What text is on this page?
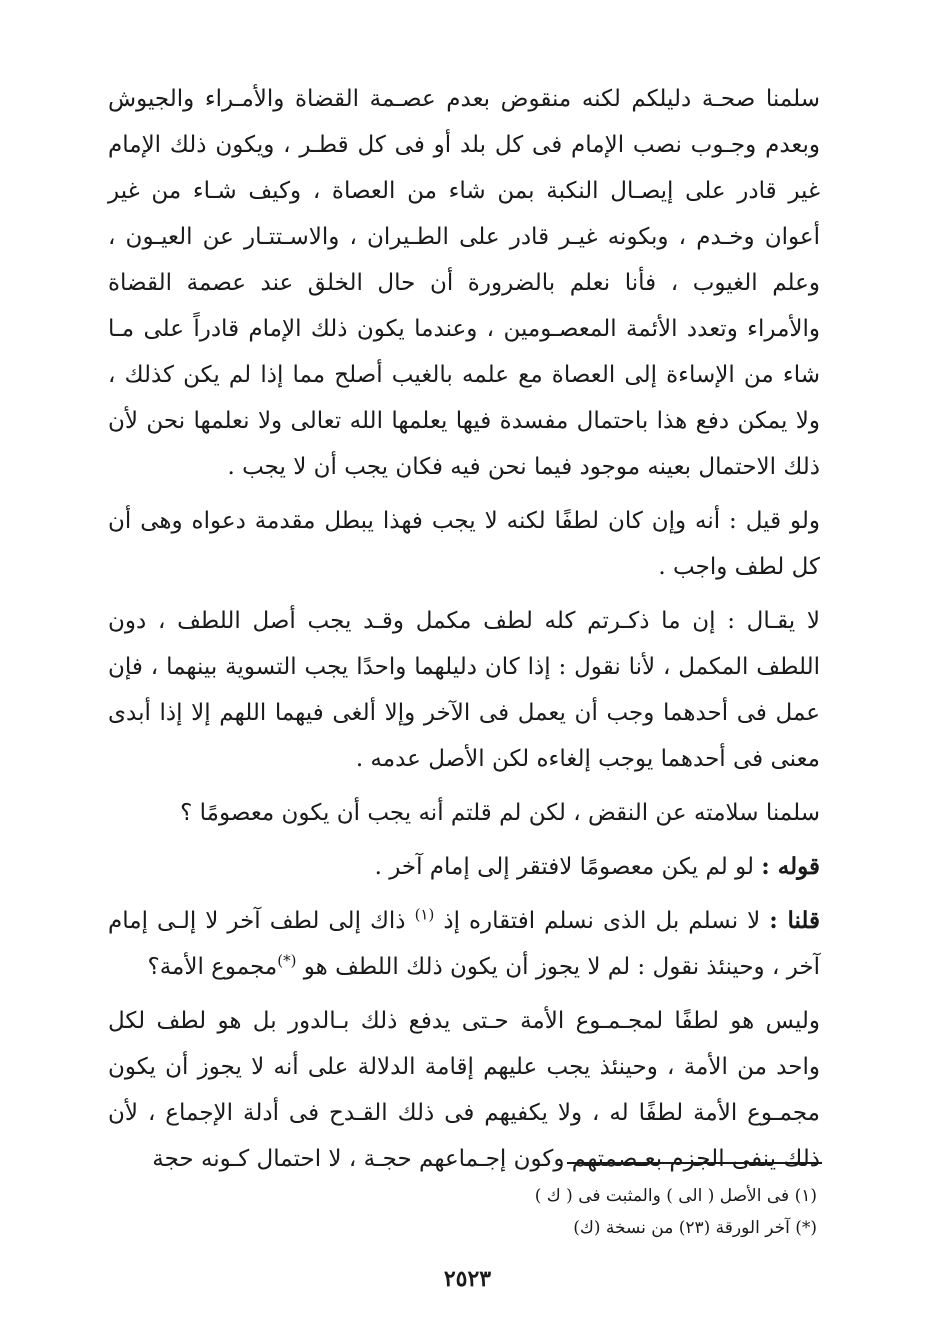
سلمنا صحـة دليلكم لكنه منقوض بعدم عصـمة القضاة والأمـراء والجيوش وبعدم وجـوب نصب الإمام فى كل بلد أو فى كل قطـر ، ويكون ذلك الإمام غير قادر على إيصـال النكبة بمن شاء من العصاة ، وكيف شـاء من غير أعوان وخـدم ، وبكونه غيـر قادر على الطـيران ، والاسـتتـار عن العيـون ، وعلم الغيوب ، فأنا نعلم بالضرورة أن حال الخلق عند عصمة القضاة والأمراء وتعدد الأئمة المعصـومين ، وعندما يكون ذلك الإمام قادراً على مـا شاء من الإساءة إلى العصاة مع علمه بالغيب أصلح مما إذا لم يكن كذلك ، ولا يمكن دفع هذا باحتمال مفسدة فيها يعلمها الله تعالى ولا نعلمها نحن لأن ذلك الاحتمال بعينه موجود فيما نحن فيه فكان يجب أن لا يجب .

ولو قيل : أنه وإن كان لطفًا لكنه لا يجب فهذا يبطل مقدمة دعواه وهى أن كل لطف واجب .

لا يقـال : إن ما ذكـرتم كله لطف مكمل وقـد يجب أصل اللطف ، دون اللطف المكمل ، لأنا نقول : إذا كان دليلهما واحدًا يجب التسوية بينهما ، فإن عمل فى أحدهما وجب أن يعمل فى الآخر وإلا ألغى فيهما اللهم إلا إذا أبدى معنى فى أحدهما يوجب إلغاءه لكن الأصل عدمه .

سلمنا سلامته عن النقض ، لكن لم قلتم أنه يجب أن يكون معصومًا ؟

قوله : لو لم يكن معصومًا لافتقر إلى إمام آخر .

قلنا : لا نسلم بل الذى نسلم افتقاره إذ $^{(١)}$ ذاك إلى لطف آخر لا إلـى إمام آخر ، وحينئذ نقول : لم لا يجوز أن يكون ذلك اللطف هو (*)مجموع الأمة؟

وليس هو لطفًا لمجـمـوع الأمة حـتى يدفع ذلك بـالدور بل هو لطف لكل واحد من الأمة ، وحينئذ يجب عليهم إقامة الدلالة على أنه لا يجوز أن يكون مجمـوع الأمة لطفًا له ، ولا يكفيهم فى ذلك القـدح فى أدلة الإجماع ، لأن ذلك ينفى الجزم بعـصمتهم وكون إجـماعهم حجـة ، لا احتمال كـونه حجة

(١) فى الأصل ( الى ) والمثبت فى ( ك )

(*) آخر الورقة (٢٣) من نسخة (ك)

٢٥٢٣
